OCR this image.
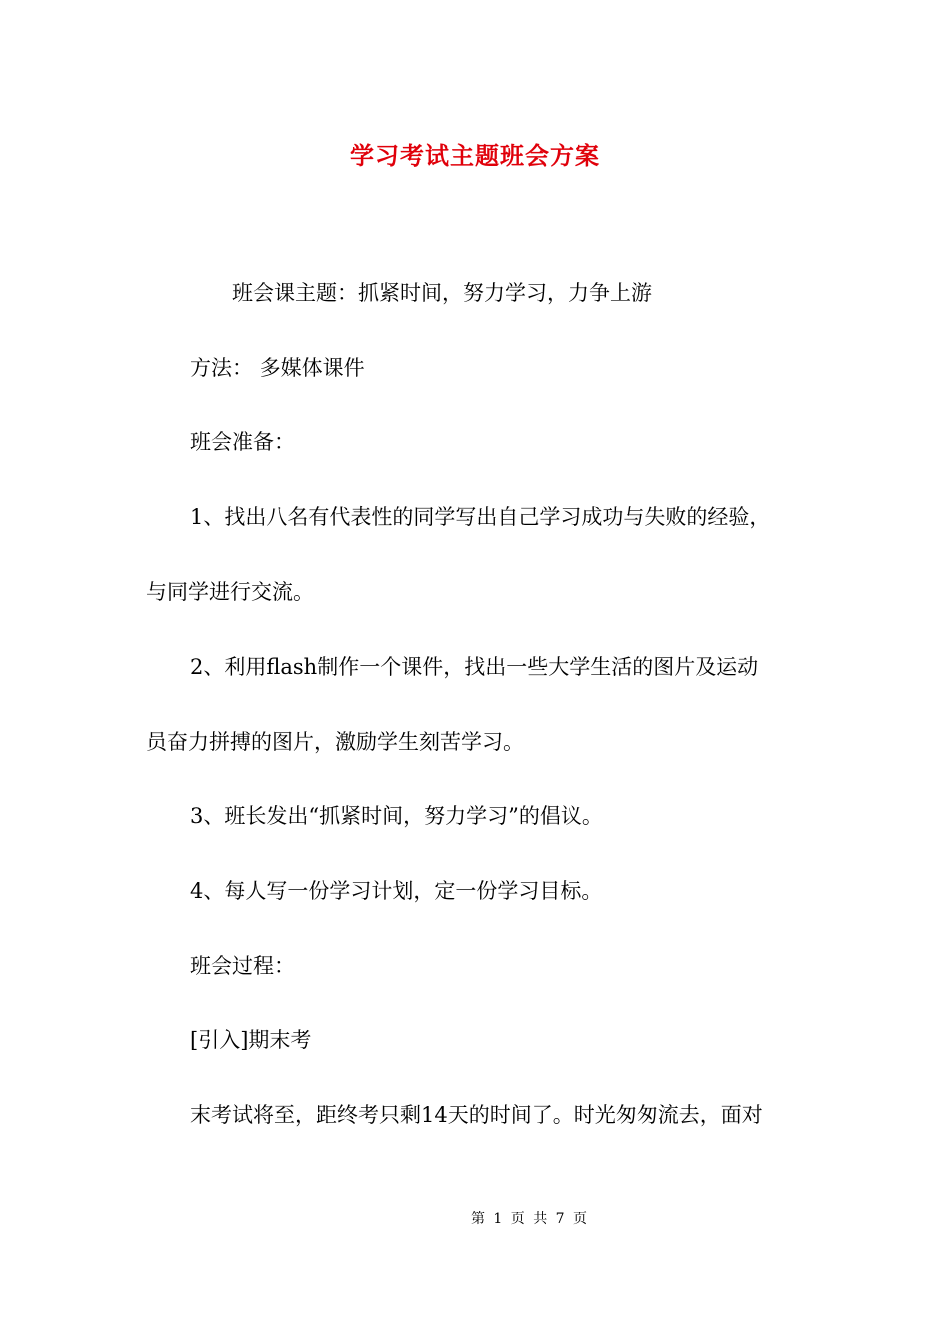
学习考试主题班会方案
班会课主题：抓紧时间，努力学习，力争上游
方法： 多媒体课件
班会准备：
1、找出八名有代表性的同学写出自己学习成功与失败的经验，
与同学进行交流。
2、利用flash制作一个课件，找出一些大学生活的图片及运动
员奋力拼搏的图片，激励学生刻苦学习。
3、班长发出“抓紧时间，努力学习”的倡议。
4、每人写一份学习计划，定一份学习目标。
班会过程：
[引入]期末考
末考试将至，距终考只剩14天的时间了。时光匆匆流去，面对
第 1 页 共 7 页
